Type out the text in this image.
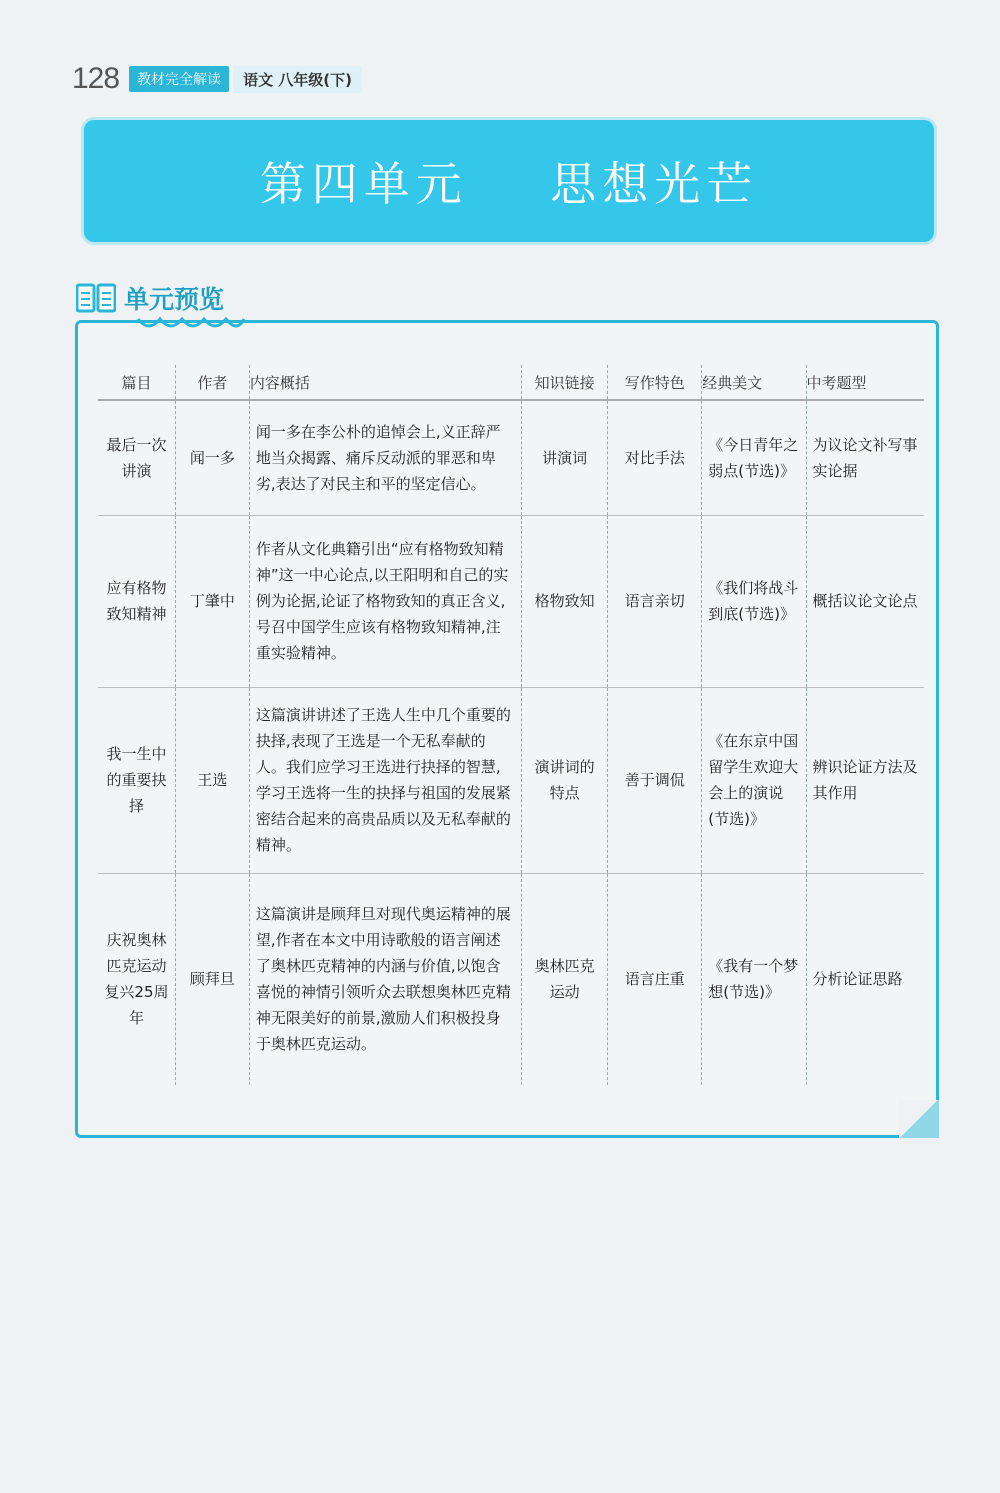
128	教材完全解读	语文 八年级(下)
第四单元    思想光芒
单元预览
篇目	作者	内容概括	知识链接	写作特色	经典美文	中考题型
最后一次讲演	闻一多	闻一多在李公朴的追悼会上,义正辞严地当众揭露、痛斥反动派的罪恶和卑劣,表达了对民主和平的坚定信心。	讲演词	对比手法	《今日青年之弱点(节选)》	为议论文补写事实论据
应有格物致知精神	丁肇中	作者从文化典籍引出“应有格物致知精神”这一中心论点,以王阳明和自己的实例为论据,论证了格物致知的真正含义,号召中国学生应该有格物致知精神,注重实验精神。	格物致知	语言亲切	《我们将战斗到底(节选)》	概括议论文论点
我一生中的重要抉择	王选	这篇演讲讲述了王选人生中几个重要的抉择,表现了王选是一个无私奉献的人。我们应学习王选进行抉择的智慧,学习王选将一生的抉择与祖国的发展紧密结合起来的高贵品质以及无私奉献的精神。	演讲词的特点	善于调侃	《在东京中国留学生欢迎大会上的演说(节选)》	辨识论证方法及其作用
庆祝奥林匹克运动复兴25周年	顾拜旦	这篇演讲是顾拜旦对现代奥运精神的展望,作者在本文中用诗歌般的语言阐述了奥林匹克精神的内涵与价值,以饱含喜悦的神情引领听众去联想奥林匹克精神无限美好的前景,激励人们积极投身于奥林匹克运动。	奥林匹克运动	语言庄重	《我有一个梦想(节选)》	分析论证思路
